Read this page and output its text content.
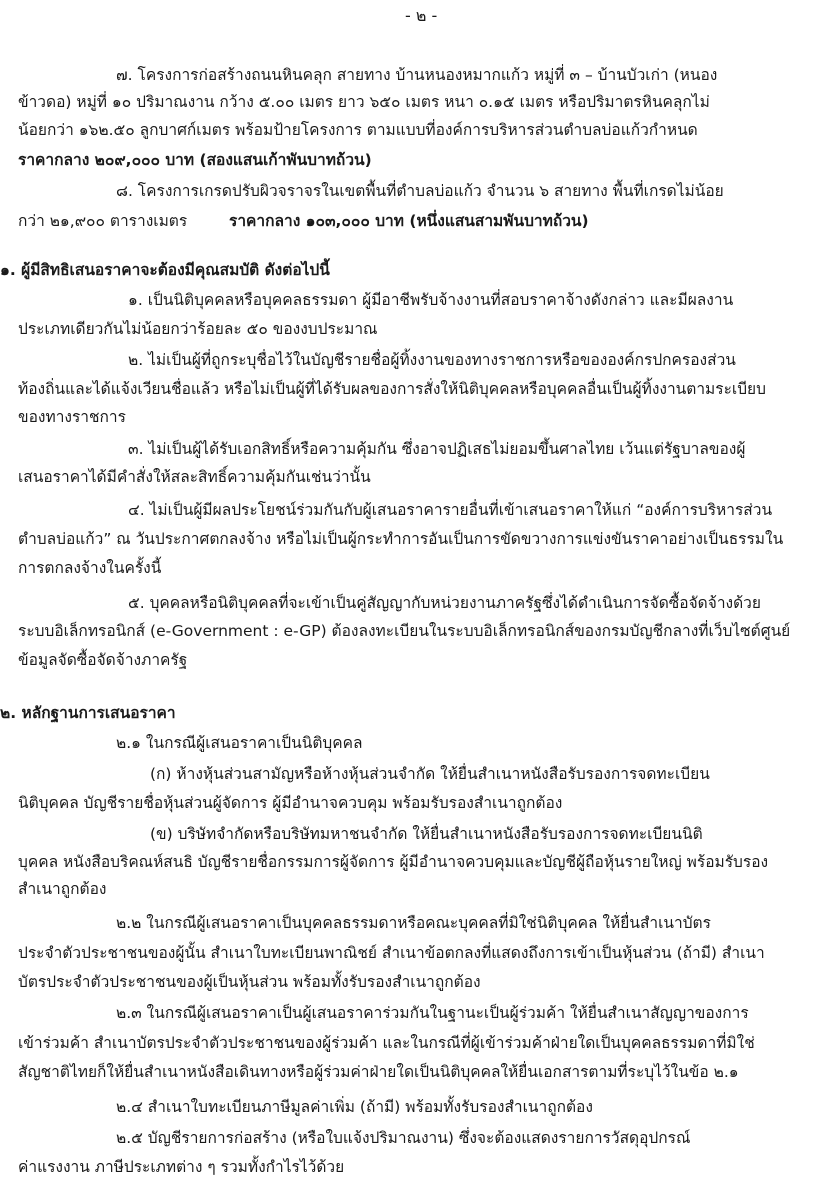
- ๒ -
๗. โครงการก่อสร้างถนนหินคลุก สายทาง บ้านหนองหมากแก้ว หมู่ที่ ๓ – บ้านบัวเก่า (หนอง
ข้าวดอ) หมู่ที่ ๑๐ ปริมาณงาน กว้าง ๕.๐๐ เมตร ยาว ๖๕๐ เมตร หนา ๐.๑๕ เมตร หรือปริมาตรหินคลุกไม่
น้อยกว่า ๑๖๒.๕๐ ลูกบาศก์เมตร พร้อมป้ายโครงการ ตามแบบที่องค์การบริหารส่วนตำบลบ่อแก้วกำหนด
ราคากลาง ๒๐๙,๐๐๐ บาท (สองแสนเก้าพันบาทถ้วน)
๘. โครงการเกรดปรับผิวจราจรในเขตพื้นที่ตำบลบ่อแก้ว จำนวน ๖ สายทาง พื้นที่เกรดไม่น้อย
กว่า ๒๑,๙๐๐ ตารางเมตร	ราคากลาง ๑๐๓,๐๐๐ บาท (หนึ่งแสนสามพันบาทถ้วน)
๑. ผู้มีสิทธิเสนอราคาจะต้องมีคุณสมบัติ ดังต่อไปนี้
๑. เป็นนิติบุคคลหรือบุคคลธรรมดา ผู้มีอาชีพรับจ้างงานที่สอบราคาจ้างดังกล่าว และมีผลงาน
ประเภทเดียวกันไม่น้อยกว่าร้อยละ ๕๐ ของงบประมาณ
๒. ไม่เป็นผู้ที่ถูกระบุชื่อไว้ในบัญชีรายชื่อผู้ทิ้งงานของทางราชการหรือขององค์กรปกครองส่วน
ท้องถิ่นและได้แจ้งเวียนชื่อแล้ว หรือไม่เป็นผู้ที่ได้รับผลของการสั่งให้นิติบุคคลหรือบุคคลอื่นเป็นผู้ทิ้งงานตามระเบียบ
ของทางราชการ
๓. ไม่เป็นผู้ได้รับเอกสิทธิ์หรือความคุ้มกัน ซึ่งอาจปฏิเสธไม่ยอมขึ้นศาลไทย เว้นแต่รัฐบาลของผู้
เสนอราคาได้มีคำสั่งให้สละสิทธิ์ความคุ้มกันเช่นว่านั้น
๔. ไม่เป็นผู้มีผลประโยชน์ร่วมกันกับผู้เสนอราคารายอื่นที่เข้าเสนอราคาให้แก่ “องค์การบริหารส่วน
ตำบลบ่อแก้ว” ณ วันประกาศตกลงจ้าง หรือไม่เป็นผู้กระทำการอันเป็นการขัดขวางการแข่งขันราคาอย่างเป็นธรรมใน
การตกลงจ้างในครั้งนี้
๕. บุคคลหรือนิติบุคคลที่จะเข้าเป็นคู่สัญญากับหน่วยงานภาครัฐซึ่งได้ดำเนินการจัดซื้อจัดจ้างด้วย
ระบบอิเล็กทรอนิกส์ (e-Government : e-GP) ต้องลงทะเบียนในระบบอิเล็กทรอนิกส์ของกรมบัญชีกลางที่เว็บไซต์ศูนย์
ข้อมูลจัดซื้อจัดจ้างภาครัฐ
๒. หลักฐานการเสนอราคา
๒.๑ ในกรณีผู้เสนอราคาเป็นนิติบุคคล
(ก) ห้างหุ้นส่วนสามัญหรือห้างหุ้นส่วนจำกัด ให้ยื่นสำเนาหนังสือรับรองการจดทะเบียน
นิติบุคคล บัญชีรายชื่อหุ้นส่วนผู้จัดการ ผู้มีอำนาจควบคุม พร้อมรับรองสำเนาถูกต้อง
(ข) บริษัทจำกัดหรือบริษัทมหาชนจำกัด ให้ยื่นสำเนาหนังสือรับรองการจดทะเบียนนิติ
บุคคล หนังสือบริคณห์สนธิ บัญชีรายชื่อกรรมการผู้จัดการ ผู้มีอำนาจควบคุมและบัญชีผู้ถือหุ้นรายใหญ่ พร้อมรับรอง
สำเนาถูกต้อง
๒.๒ ในกรณีผู้เสนอราคาเป็นบุคคลธรรมดาหรือคณะบุคคลที่มิใช่นิติบุคคล ให้ยื่นสำเนาบัตร
ประจำตัวประชาชนของผู้นั้น สำเนาใบทะเบียนพาณิชย์ สำเนาข้อตกลงที่แสดงถึงการเข้าเป็นหุ้นส่วน (ถ้ามี) สำเนา
บัตรประจำตัวประชาชนของผู้เป็นหุ้นส่วน พร้อมทั้งรับรองสำเนาถูกต้อง
๒.๓ ในกรณีผู้เสนอราคาเป็นผู้เสนอราคาร่วมกันในฐานะเป็นผู้ร่วมค้า ให้ยื่นสำเนาสัญญาของการ
เข้าร่วมค้า สำเนาบัตรประจำตัวประชาชนของผู้ร่วมค้า และในกรณีที่ผู้เข้าร่วมค้าฝ่ายใดเป็นบุคคลธรรมดาที่มิใช่
สัญชาติไทยก็ให้ยื่นสำเนาหนังสือเดินทางหรือผู้ร่วมค่าฝ่ายใดเป็นนิติบุคคลให้ยื่นเอกสารตามที่ระบุไว้ในข้อ ๒.๑
๒.๔ สำเนาใบทะเบียนภาษีมูลค่าเพิ่ม (ถ้ามี) พร้อมทั้งรับรองสำเนาถูกต้อง
๒.๕ บัญชีรายการก่อสร้าง (หรือใบแจ้งปริมาณงาน) ซึ่งจะต้องแสดงรายการวัสดุอุปกรณ์
ค่าแรงงาน ภาษีประเภทต่าง ๆ รวมทั้งกำไรไว้ด้วย
